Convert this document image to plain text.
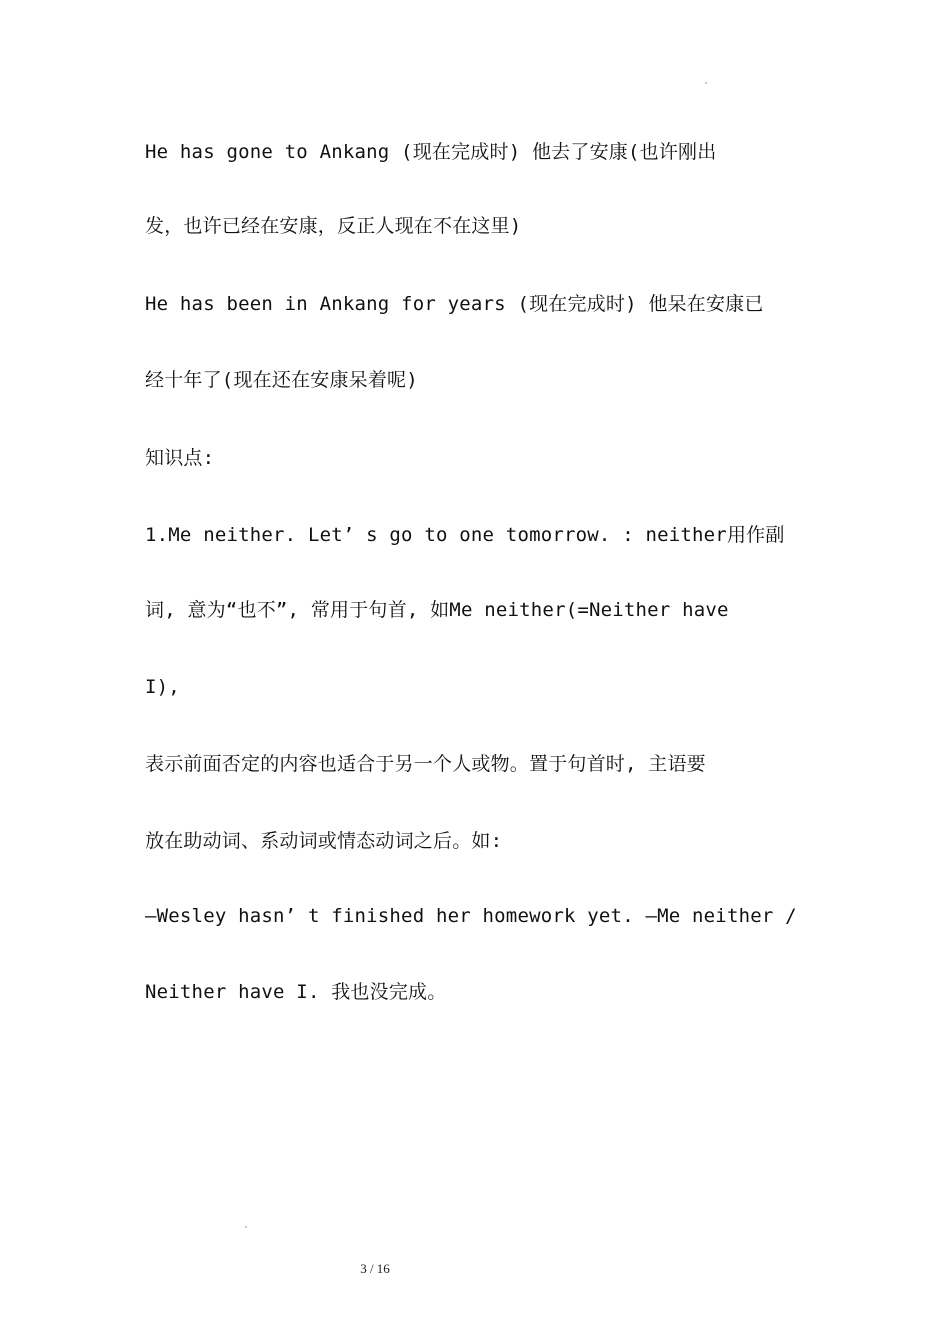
He has gone to Ankang (现在完成时) 他去了安康(也许刚出
发，也许已经在安康，反正人现在不在这里)
He has been in Ankang for years (现在完成时) 他呆在安康已
经十年了(现在还在安康呆着呢)
知识点:
1.Me neither. Let’ s go to one tomorrow. : neither用作副
词, 意为“也不”, 常用于句首, 如Me neither(=Neither have
I),
表示前面否定的内容也适合于另一个人或物。置于句首时, 主语要
放在助动词、系动词或情态动词之后。如:
—Wesley hasn’ t finished her homework yet. —Me neither /
Neither have I. 我也没完成。
3 / 16
